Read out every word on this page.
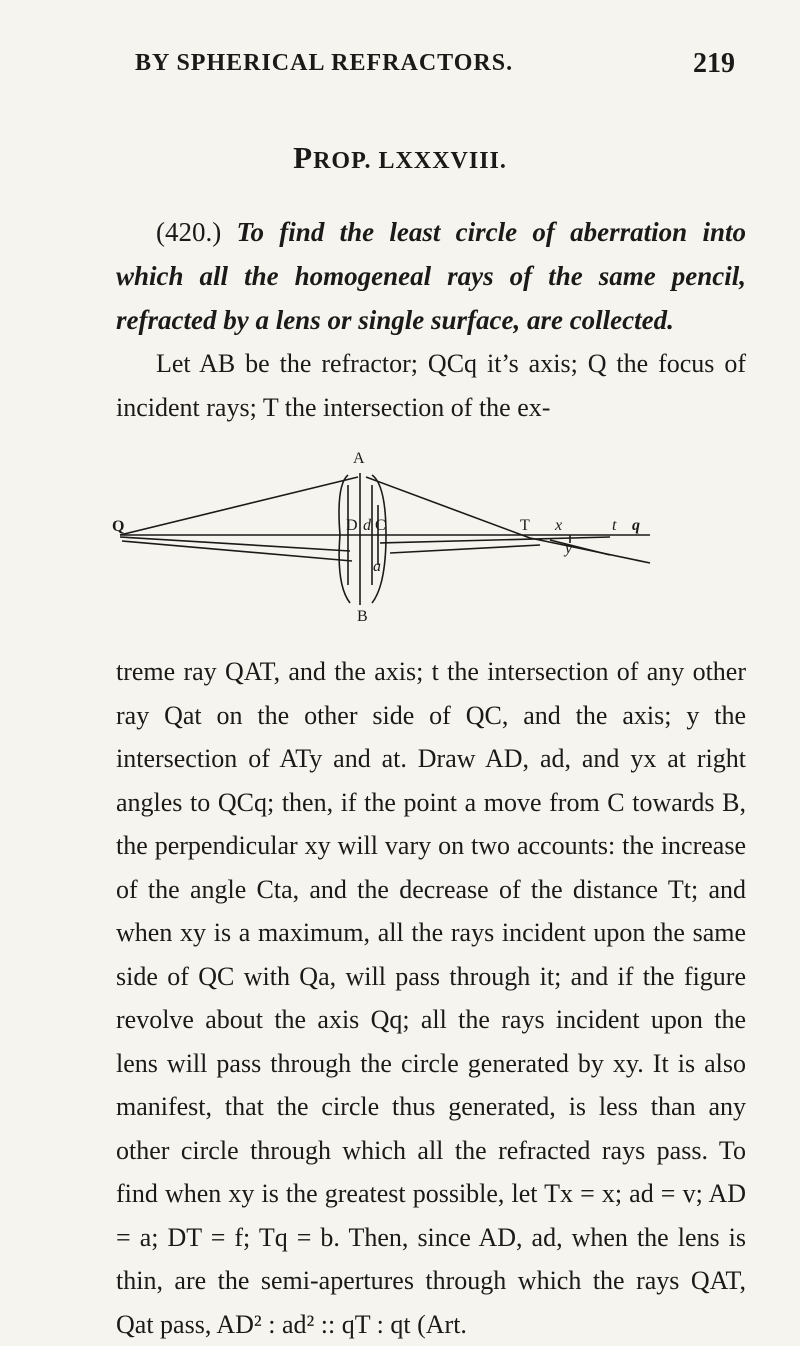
BY SPHERICAL REFRACTORS.	219
PROP. LXXXVIII.
(420.) To find the least circle of aberration into which all the homogeneal rays of the same pencil, refracted by a lens or single surface, are collected.
Let AB be the refractor; QCq it’s axis; Q the focus of incident rays; T the intersection of the ex-
A
B
Q	D d C	T x	t q
y
a
treme ray QAT, and the axis; t the intersection of any other ray Qat on the other side of QC, and the axis; y the intersection of ATy and at. Draw AD, ad, and yx at right angles to QCq; then, if the point a move from C towards B, the perpendicular xy will vary on two accounts: the increase of the angle Cta, and the decrease of the distance Tt; and when xy is a maximum, all the rays incident upon the same side of QC with Qa, will pass through it; and if the figure revolve about the axis Qq; all the rays incident upon the lens will pass through the circle generated by xy. It is also manifest, that the circle thus generated, is less than any other circle through which all the refracted rays pass. To find when xy is the greatest possible, let Tx = x; ad = v; AD = a; DT = f; Tq = b. Then, since AD, ad, when the lens is thin, are the semi-apertures through which the rays QAT, Qat pass, AD² : ad² :: qT : qt (Art.
